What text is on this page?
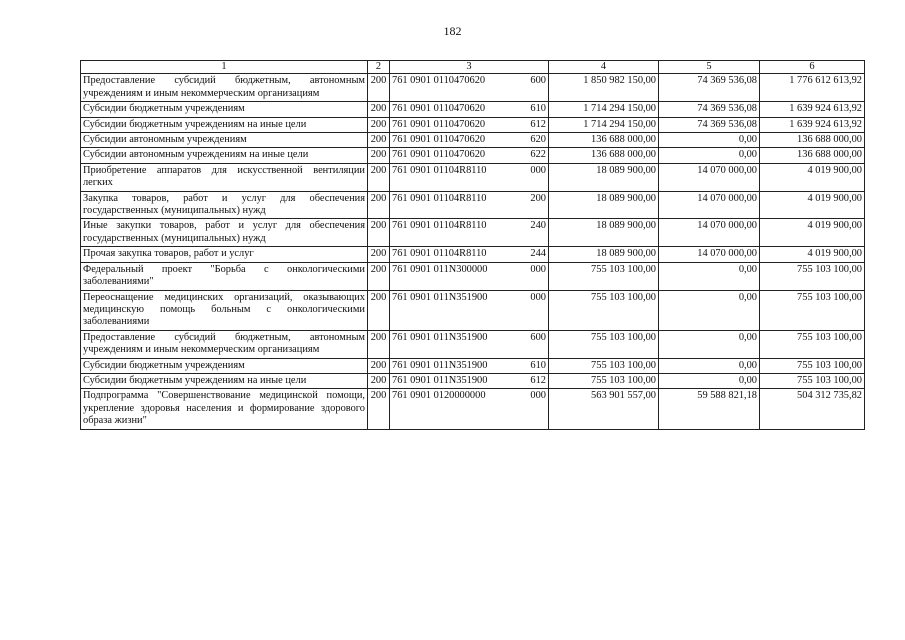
182
1	2	3	4	5	6
Предоставление субсидий бюджетным, автономным учреждениям и иным некоммерческим организациям	200	761 0901 0110470620 600	1 850 982 150,00	74 369 536,08	1 776 612 613,92
Субсидии бюджетным учреждениям	200	761 0901 0110470620 610	1 714 294 150,00	74 369 536,08	1 639 924 613,92
Субсидии бюджетным учреждениям на иные цели	200	761 0901 0110470620 612	1 714 294 150,00	74 369 536,08	1 639 924 613,92
Субсидии автономным учреждениям	200	761 0901 0110470620 620	136 688 000,00	0,00	136 688 000,00
Субсидии автономным учреждениям на иные цели	200	761 0901 0110470620 622	136 688 000,00	0,00	136 688 000,00
Приобретение аппаратов для искусственной вентиляции легких	200	761 0901 01104R8110 000	18 089 900,00	14 070 000,00	4 019 900,00
Закупка товаров, работ и услуг для обеспечения государственных (муниципальных) нужд	200	761 0901 01104R8110 200	18 089 900,00	14 070 000,00	4 019 900,00
Иные закупки товаров, работ и услуг для обеспечения государственных (муниципальных) нужд	200	761 0901 01104R8110 240	18 089 900,00	14 070 000,00	4 019 900,00
Прочая закупка товаров, работ и услуг	200	761 0901 01104R8110 244	18 089 900,00	14 070 000,00	4 019 900,00
Федеральный проект "Борьба с онкологическими заболеваниями"	200	761 0901 011N300000 000	755 103 100,00	0,00	755 103 100,00
Переоснащение медицинских организаций, оказывающих медицинскую помощь больным с онкологическими заболеваниями	200	761 0901 011N351900 000	755 103 100,00	0,00	755 103 100,00
Предоставление субсидий бюджетным, автономным учреждениям и иным некоммерческим организациям	200	761 0901 011N351900 600	755 103 100,00	0,00	755 103 100,00
Субсидии бюджетным учреждениям	200	761 0901 011N351900 610	755 103 100,00	0,00	755 103 100,00
Субсидии бюджетным учреждениям на иные цели	200	761 0901 011N351900 612	755 103 100,00	0,00	755 103 100,00
Подпрограмма "Совершенствование медицинской помощи, укрепление здоровья населения и формирование здорового образа жизни"	200	761 0901 0120000000 000	563 901 557,00	59 588 821,18	504 312 735,82
